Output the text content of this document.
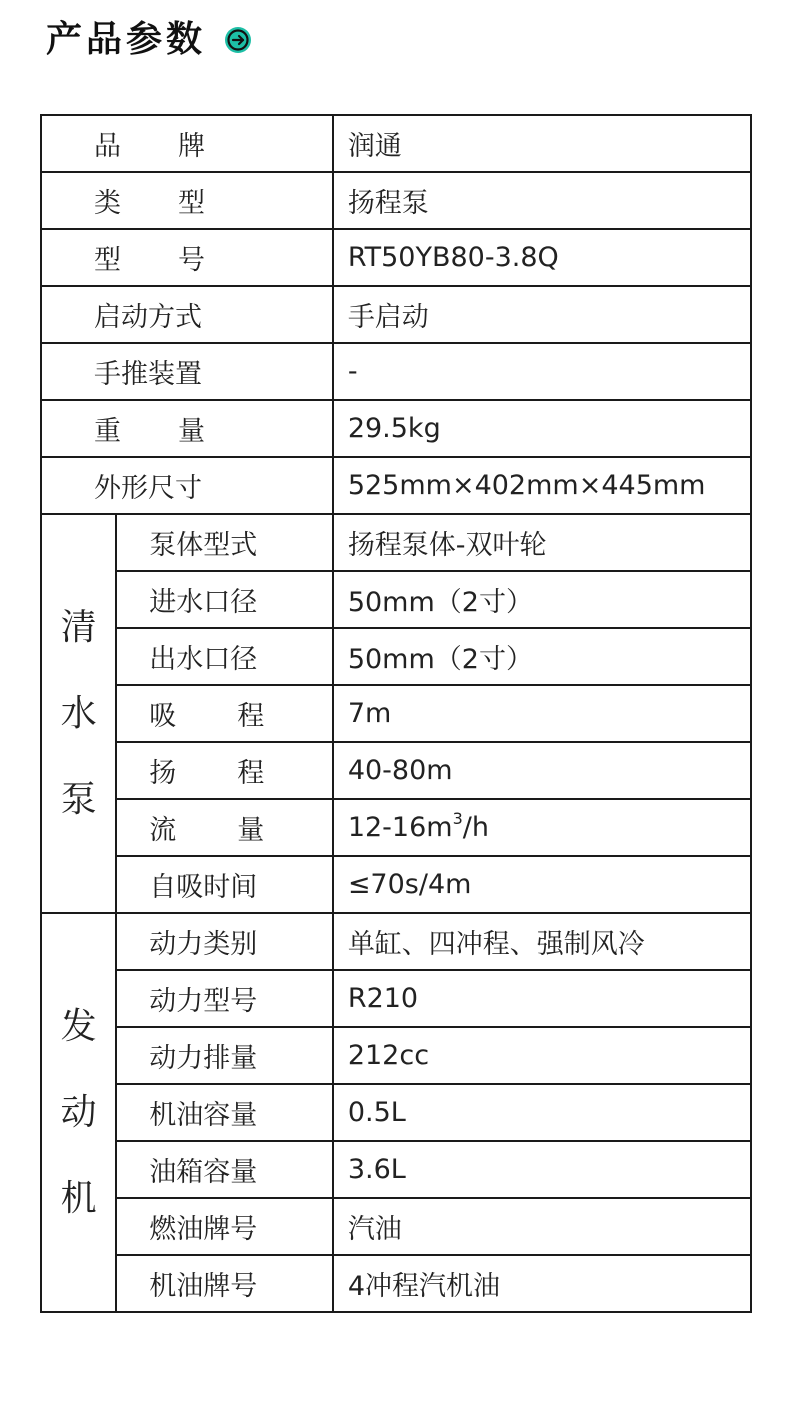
产品参数
品 牌		润通
类 型		扬程泵
型 号		RT50YB80-3.8Q
启动方式		手启动
手推装置		-
重 量		29.5kg
外形尺寸		525mm×402mm×445mm
清水泵	泵体型式	扬程泵体-双叶轮
	进水口径	50mm（2寸）
	出水口径	50mm（2寸）
	吸 程	7m
	扬 程	40-80m
	流 量	$12-16m^3/h$
	自吸时间	≤70s/4m
发动机	动力类别	单缸、四冲程、强制风冷
	动力型号	R210
	动力排量	212cc
	机油容量	0.5L
	油箱容量	3.6L
	燃油牌号	汽油
	机油牌号	4冲程汽机油
